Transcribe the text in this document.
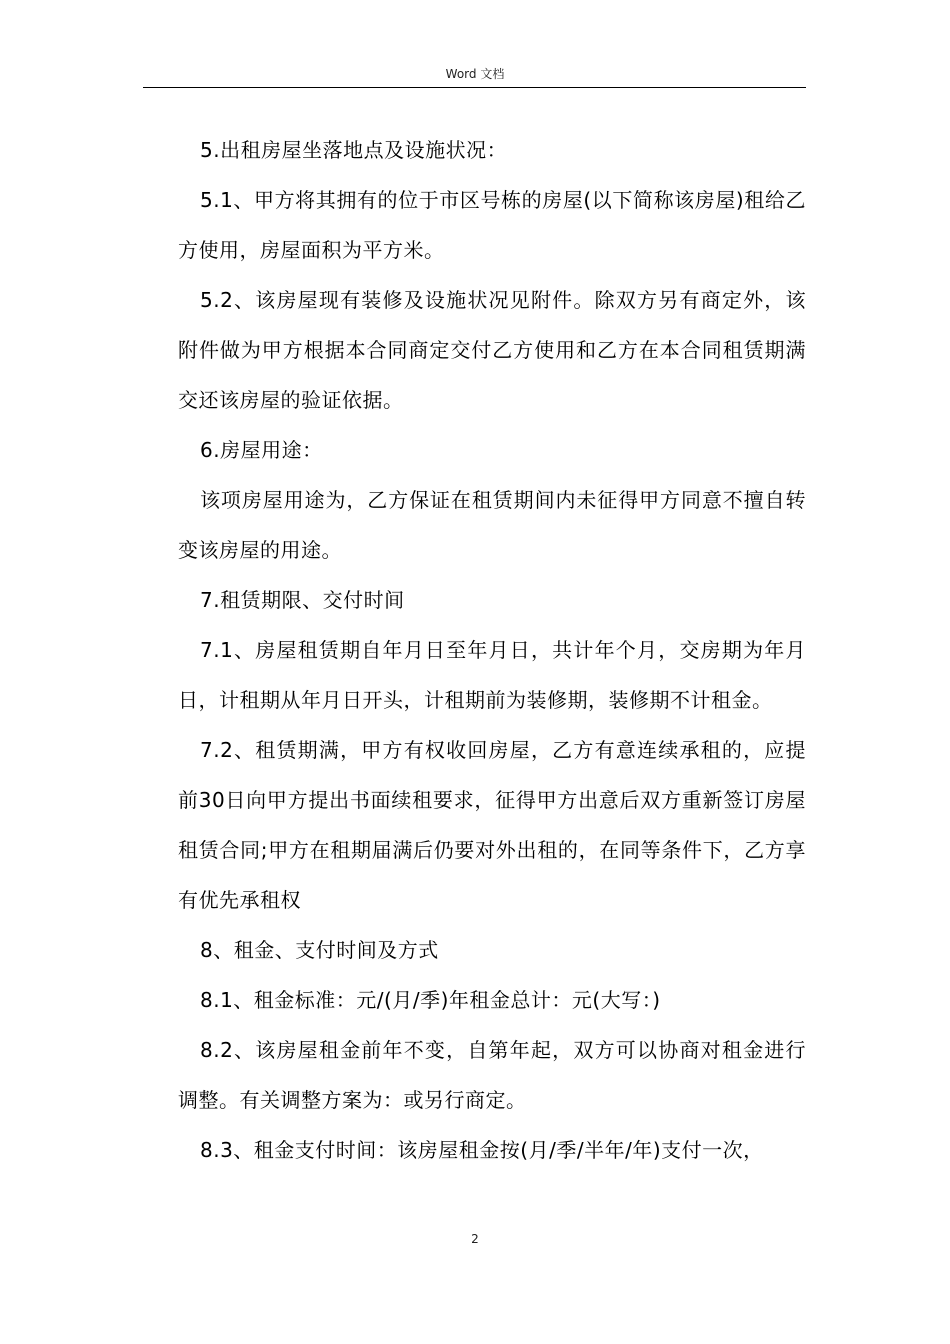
Word 文档

5.出租房屋坐落地点及设施状况：

5.1、甲方将其拥有的位于市区号栋的房屋(以下简称该房屋)租给乙方使用，房屋面积为平方米。

5.2、该房屋现有装修及设施状况见附件。除双方另有商定外，该附件做为甲方根据本合同商定交付乙方使用和乙方在本合同租赁期满交还该房屋的验证依据。

6.房屋用途：

该项房屋用途为，乙方保证在租赁期间内未征得甲方同意不擅自转变该房屋的用途。

7.租赁期限、交付时间

7.1、房屋租赁期自年月日至年月日，共计年个月，交房期为年月日，计租期从年月日开头，计租期前为装修期，装修期不计租金。

7.2、租赁期满，甲方有权收回房屋，乙方有意连续承租的，应提前30日向甲方提出书面续租要求，征得甲方出意后双方重新签订房屋租赁合同;甲方在租期届满后仍要对外出租的，在同等条件下，乙方享有优先承租权

8、租金、支付时间及方式

8.1、租金标准：元/(月/季)年租金总计：元(大写：)

8.2、该房屋租金前年不变，自第年起，双方可以协商对租金进行调整。有关调整方案为：或另行商定。

8.3、租金支付时间：该房屋租金按(月/季/半年/年)支付一次，

2
